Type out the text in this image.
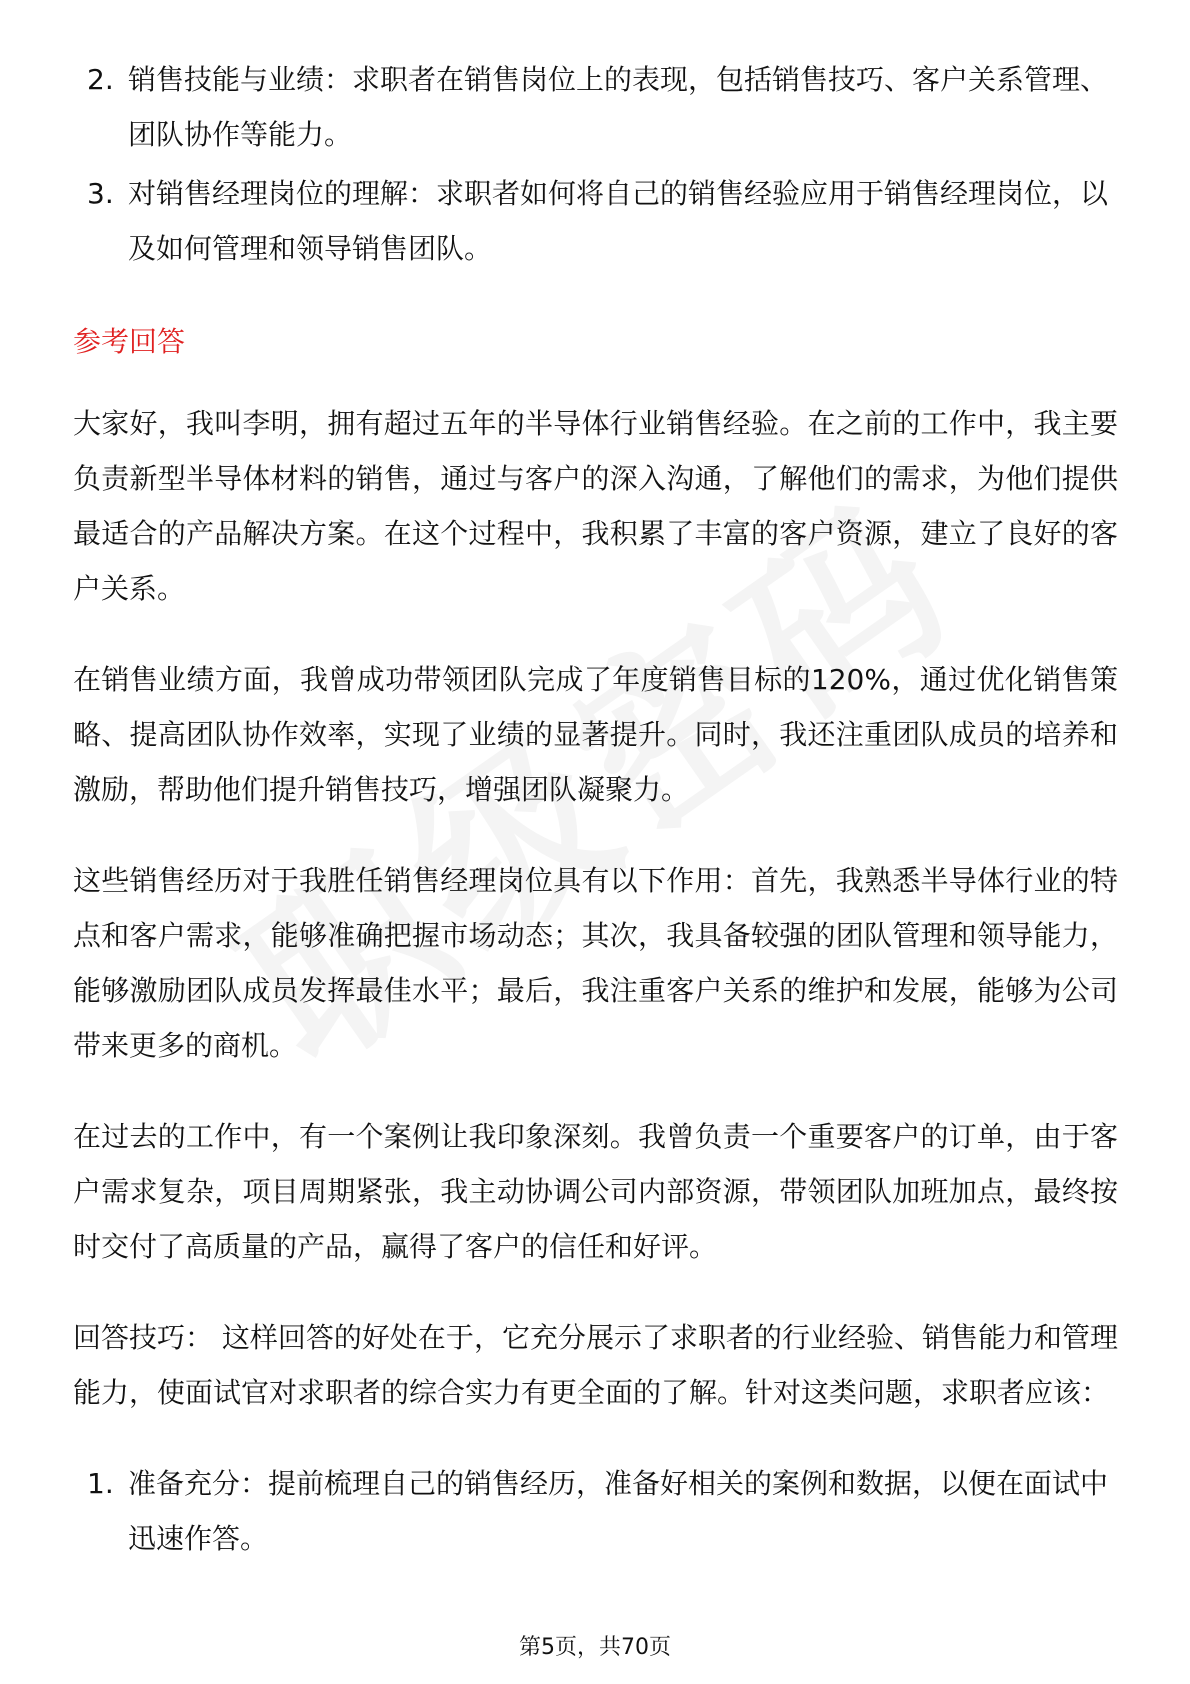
2. 销售技能与业绩：求职者在销售岗位上的表现，包括销售技巧、客户关系管理、团队协作等能力。
3. 对销售经理岗位的理解：求职者如何将自己的销售经验应用于销售经理岗位，以及如何管理和领导销售团队。
参考回答

大家好，我叫李明，拥有超过五年的半导体行业销售经验。在之前的工作中，我主要负责新型半导体材料的销售，通过与客户的深入沟通，了解他们的需求，为他们提供最适合的产品解决方案。在这个过程中，我积累了丰富的客户资源，建立了良好的客户关系。

在销售业绩方面，我曾成功带领团队完成了年度销售目标的120%，通过优化销售策略、提高团队协作效率，实现了业绩的显著提升。同时，我还注重团队成员的培养和激励，帮助他们提升销售技巧，增强团队凝聚力。

这些销售经历对于我胜任销售经理岗位具有以下作用：首先，我熟悉半导体行业的特点和客户需求，能够准确把握市场动态；其次，我具备较强的团队管理和领导能力，能够激励团队成员发挥最佳水平；最后，我注重客户关系的维护和发展，能够为公司带来更多的商机。

在过去的工作中，有一个案例让我印象深刻。我曾负责一个重要客户的订单，由于客户需求复杂，项目周期紧张，我主动协调公司内部资源，带领团队加班加点，最终按时交付了高质量的产品，赢得了客户的信任和好评。

回答技巧： 这样回答的好处在于，它充分展示了求职者的行业经验、销售能力和管理能力，使面试官对求职者的综合实力有更全面的了解。针对这类问题，求职者应该：

1. 准备充分：提前梳理自己的销售经历，准备好相关的案例和数据，以便在面试中迅速作答。
第5页，共70页
